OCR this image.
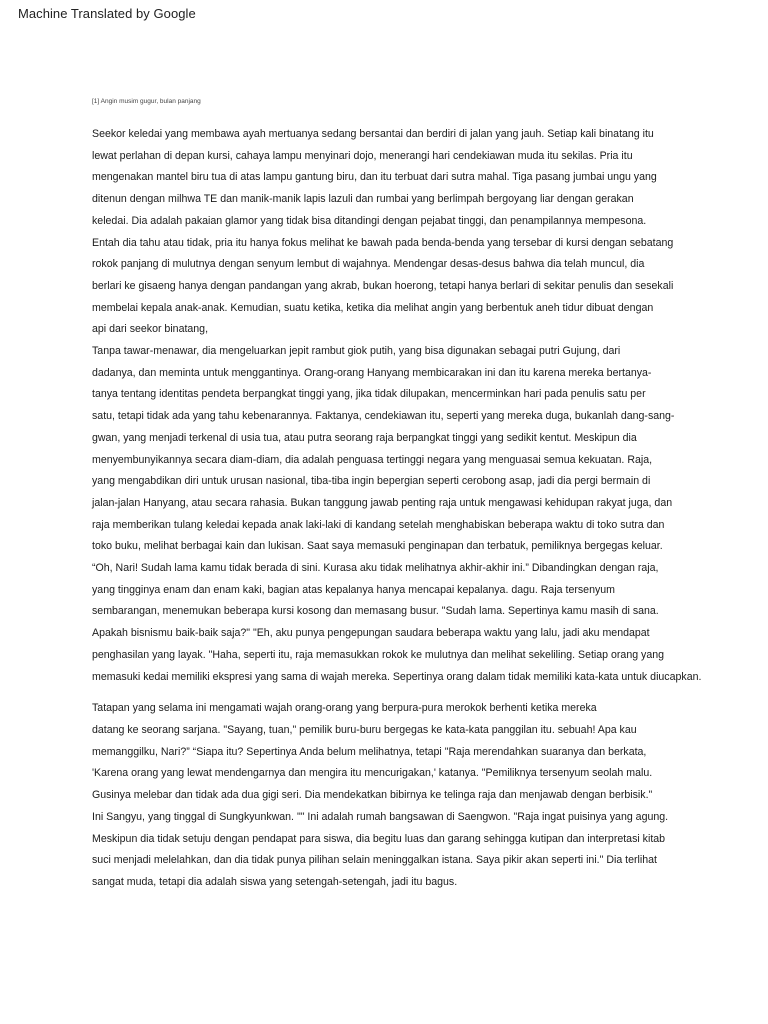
Machine Translated by Google
[1] Angin musim gugur, bulan panjang
Seekor keledai yang membawa ayah mertuanya sedang bersantai dan berdiri di jalan yang jauh. Setiap kali binatang itu
lewat perlahan di depan kursi, cahaya lampu menyinari dojo, menerangi hari cendekiawan muda itu sekilas. Pria itu
mengenakan mantel biru tua di atas lampu gantung biru, dan itu terbuat dari sutra mahal. Tiga pasang jumbai ungu yang
ditenun dengan milhwa TE dan manik-manik lapis lazuli dan rumbai yang berlimpah bergoyang liar dengan gerakan
keledai. Dia adalah pakaian glamor yang tidak bisa ditandingi dengan pejabat tinggi, dan penampilannya mempesona.
Entah dia tahu atau tidak, pria itu hanya fokus melihat ke bawah pada benda-benda yang tersebar di kursi dengan sebatang
rokok panjang di mulutnya dengan senyum lembut di wajahnya. Mendengar desas-desus bahwa dia telah muncul, dia
berlari ke gisaeng hanya dengan pandangan yang akrab, bukan hoerong, tetapi hanya berlari di sekitar penulis dan sesekali
membelai kepala anak-anak. Kemudian, suatu ketika, ketika dia melihat angin yang berbentuk aneh tidur dibuat dengan
api dari seekor binatang,
Tanpa tawar-menawar, dia mengeluarkan jepit rambut giok putih, yang bisa digunakan sebagai putri Gujung, dari
dadanya, dan meminta untuk menggantinya. Orang-orang Hanyang membicarakan ini dan itu karena mereka bertanya-
tanya tentang identitas pendeta berpangkat tinggi yang, jika tidak dilupakan, mencerminkan hari pada penulis satu per
satu, tetapi tidak ada yang tahu kebenarannya. Faktanya, cendekiawan itu, seperti yang mereka duga, bukanlah dang-sang-
gwan, yang menjadi terkenal di usia tua, atau putra seorang raja berpangkat tinggi yang sedikit kentut. Meskipun dia
menyembunyikannya secara diam-diam, dia adalah penguasa tertinggi negara yang menguasai semua kekuatan. Raja,
yang mengabdikan diri untuk urusan nasional, tiba-tiba ingin bepergian seperti cerobong asap, jadi dia pergi bermain di
jalan-jalan Hanyang, atau secara rahasia. Bukan tanggung jawab penting raja untuk mengawasi kehidupan rakyat juga, dan
raja memberikan tulang keledai kepada anak laki-laki di kandang setelah menghabiskan beberapa waktu di toko sutra dan
toko buku, melihat berbagai kain dan lukisan. Saat saya memasuki penginapan dan terbatuk, pemiliknya bergegas keluar.
“Oh, Nari! Sudah lama kamu tidak berada di sini. Kurasa aku tidak melihatnya akhir-akhir ini.” Dibandingkan dengan raja,
yang tingginya enam dan enam kaki, bagian atas kepalanya hanya mencapai kepalanya. dagu. Raja tersenyum
sembarangan, menemukan beberapa kursi kosong dan memasang busur. "Sudah lama. Sepertinya kamu masih di sana.
Apakah bisnismu baik-baik saja?" "Eh, aku punya pengepungan saudara beberapa waktu yang lalu, jadi aku mendapat
penghasilan yang layak. "Haha, seperti itu, raja memasukkan rokok ke mulutnya dan melihat sekeliling. Setiap orang yang
memasuki kedai memiliki ekspresi yang sama di wajah mereka. Sepertinya orang dalam tidak memiliki kata-kata untuk diucapkan.
Tatapan yang selama ini mengamati wajah orang-orang yang berpura-pura merokok berhenti ketika mereka
datang ke seorang sarjana. "Sayang, tuan," pemilik buru-buru bergegas ke kata-kata panggilan itu. sebuah! Apa kau
memanggilku, Nari?” “Siapa itu? Sepertinya Anda belum melihatnya, tetapi "Raja merendahkan suaranya dan berkata,
'Karena orang yang lewat mendengarnya dan mengira itu mencurigakan,' katanya. "Pemiliknya tersenyum seolah malu.
Gusinya melebar dan tidak ada dua gigi seri. Dia mendekatkan bibirnya ke telinga raja dan menjawab dengan berbisik."
Ini Sangyu, yang tinggal di Sungkyunkwan. "" Ini adalah rumah bangsawan di Saengwon. "Raja ingat puisinya yang agung.
Meskipun dia tidak setuju dengan pendapat para siswa, dia begitu luas dan garang sehingga kutipan dan interpretasi kitab
suci menjadi melelahkan, dan dia tidak punya pilihan selain meninggalkan istana. Saya pikir akan seperti ini." Dia terlihat
sangat muda, tetapi dia adalah siswa yang setengah-setengah, jadi itu bagus.
